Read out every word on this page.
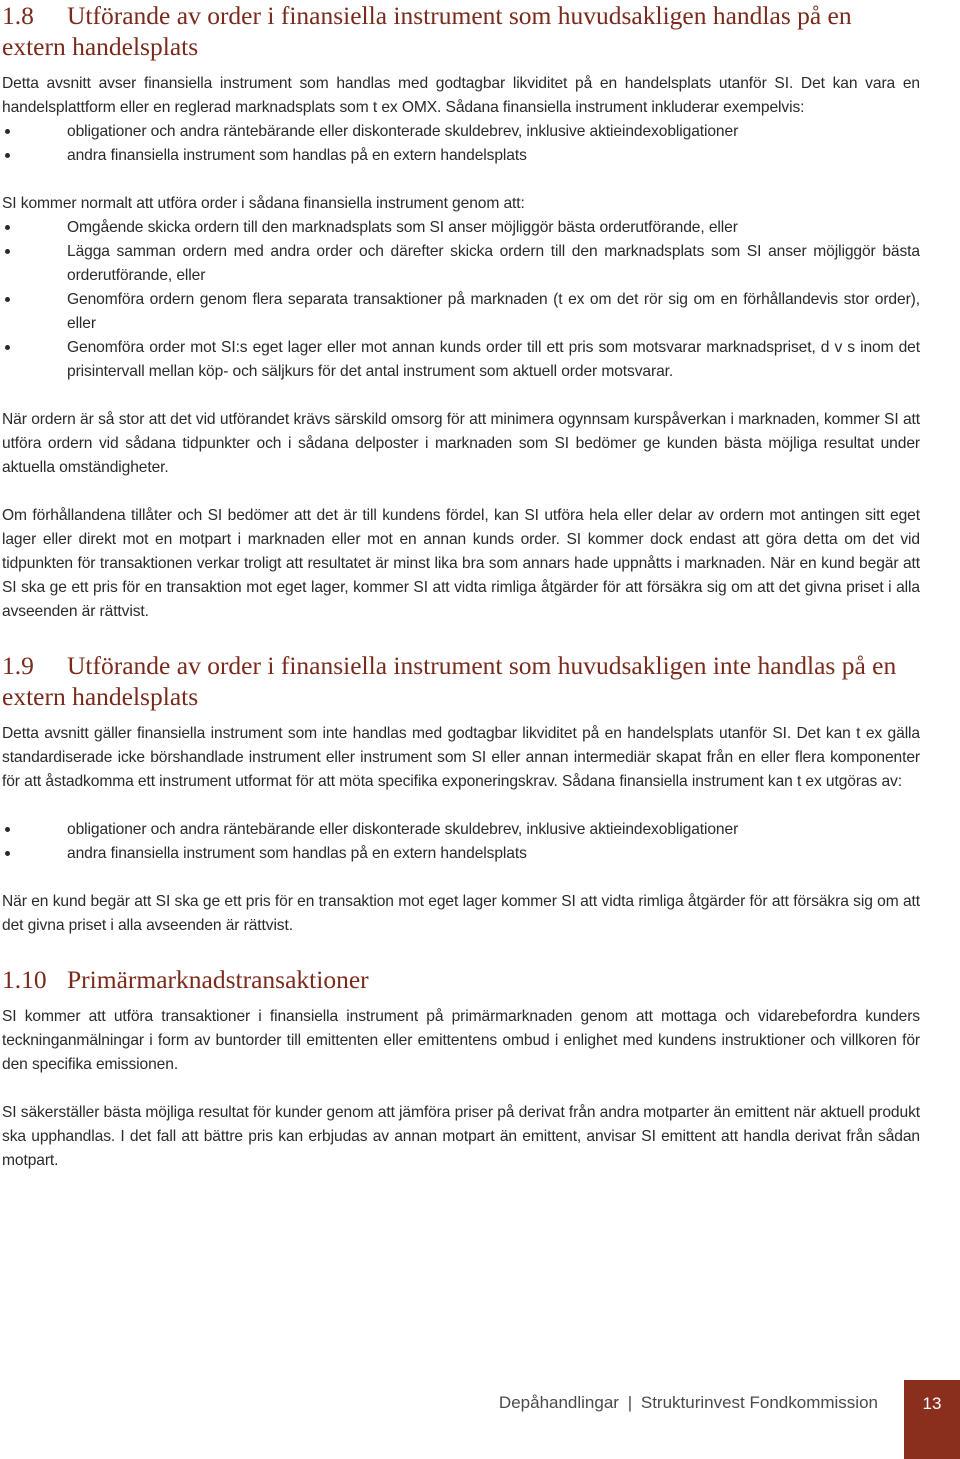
1.8 Utförande av order i finansiella instrument som huvudsakligen handlas på en extern handelsplats

Detta avsnitt avser finansiella instrument som handlas med godtagbar likviditet på en handelsplats utanför SI. Det kan vara en handelsplattform eller en reglerad marknadsplats som t ex OMX. Sådana finansiella instrument inkluderar exempelvis:

obligationer och andra räntebärande eller diskonterade skuldebrev, inklusive aktieindexobligationer
andra finansiella instrument som handlas på en extern handelsplats

SI kommer normalt att utföra order i sådana finansiella instrument genom att:

Omgående skicka ordern till den marknadsplats som SI anser möjliggör bästa orderutförande, eller
Lägga samman ordern med andra order och därefter skicka ordern till den marknadsplats som SI anser möjliggör bästa orderutförande, eller
Genomföra ordern genom flera separata transaktioner på marknaden (t ex om det rör sig om en förhållandevis stor order), eller
Genomföra order mot SI:s eget lager eller mot annan kunds order till ett pris som motsvarar marknadspriset, d v s inom det prisintervall mellan köp- och säljkurs för det antal instrument som aktuell order motsvarar.

När ordern är så stor att det vid utförandet krävs särskild omsorg för att minimera ogynnsam kurspåverkan i marknaden, kommer SI att utföra ordern vid sådana tidpunkter och i sådana delposter i marknaden som SI bedömer ge kunden bästa möjliga resultat under aktuella omständigheter.

Om förhållandena tillåter och SI bedömer att det är till kundens fördel, kan SI utföra hela eller delar av ordern mot antingen sitt eget lager eller direkt mot en motpart i marknaden eller mot en annan kunds order. SI kommer dock endast att göra detta om det vid tidpunkten för transaktionen verkar troligt att resultatet är minst lika bra som annars hade uppnåtts i marknaden. När en kund begär att SI ska ge ett pris för en transaktion mot eget lager, kommer SI att vidta rimliga åtgärder för att försäkra sig om att det givna priset i alla avseenden är rättvist.

1.9 Utförande av order i finansiella instrument som huvudsakligen inte handlas på en extern handelsplats

Detta avsnitt gäller finansiella instrument som inte handlas med godtagbar likviditet på en handelsplats utanför SI. Det kan t ex gälla standardiserade icke börshandlade instrument eller instrument som SI eller annan intermediär skapat från en eller flera komponenter för att åstadkomma ett instrument utformat för att möta specifika exponeringskrav. Sådana finansiella instrument kan t ex utgöras av:

obligationer och andra räntebärande eller diskonterade skuldebrev, inklusive aktieindexobligationer
andra finansiella instrument som handlas på en extern handelsplats

När en kund begär att SI ska ge ett pris för en transaktion mot eget lager kommer SI att vidta rimliga åtgärder för att försäkra sig om att det givna priset i alla avseenden är rättvist.

1.10 Primärmarknadstransaktioner

SI kommer att utföra transaktioner i finansiella instrument på primärmarknaden genom att mottaga och vidarebefordra kunders teckninganmälningar i form av buntorder till emittenten eller emittentens ombud i enlighet med kundens instruktioner och villkoren för den specifika emissionen.

SI säkerställer bästa möjliga resultat för kunder genom att jämföra priser på derivat från andra motparter än emittent när aktuell produkt ska upphandlas. I det fall att bättre pris kan erbjudas av annan motpart än emittent, anvisar SI emittent att handla derivat från sådan motpart.

Depåhandlingar | Strukturinvest Fondkommission	13
